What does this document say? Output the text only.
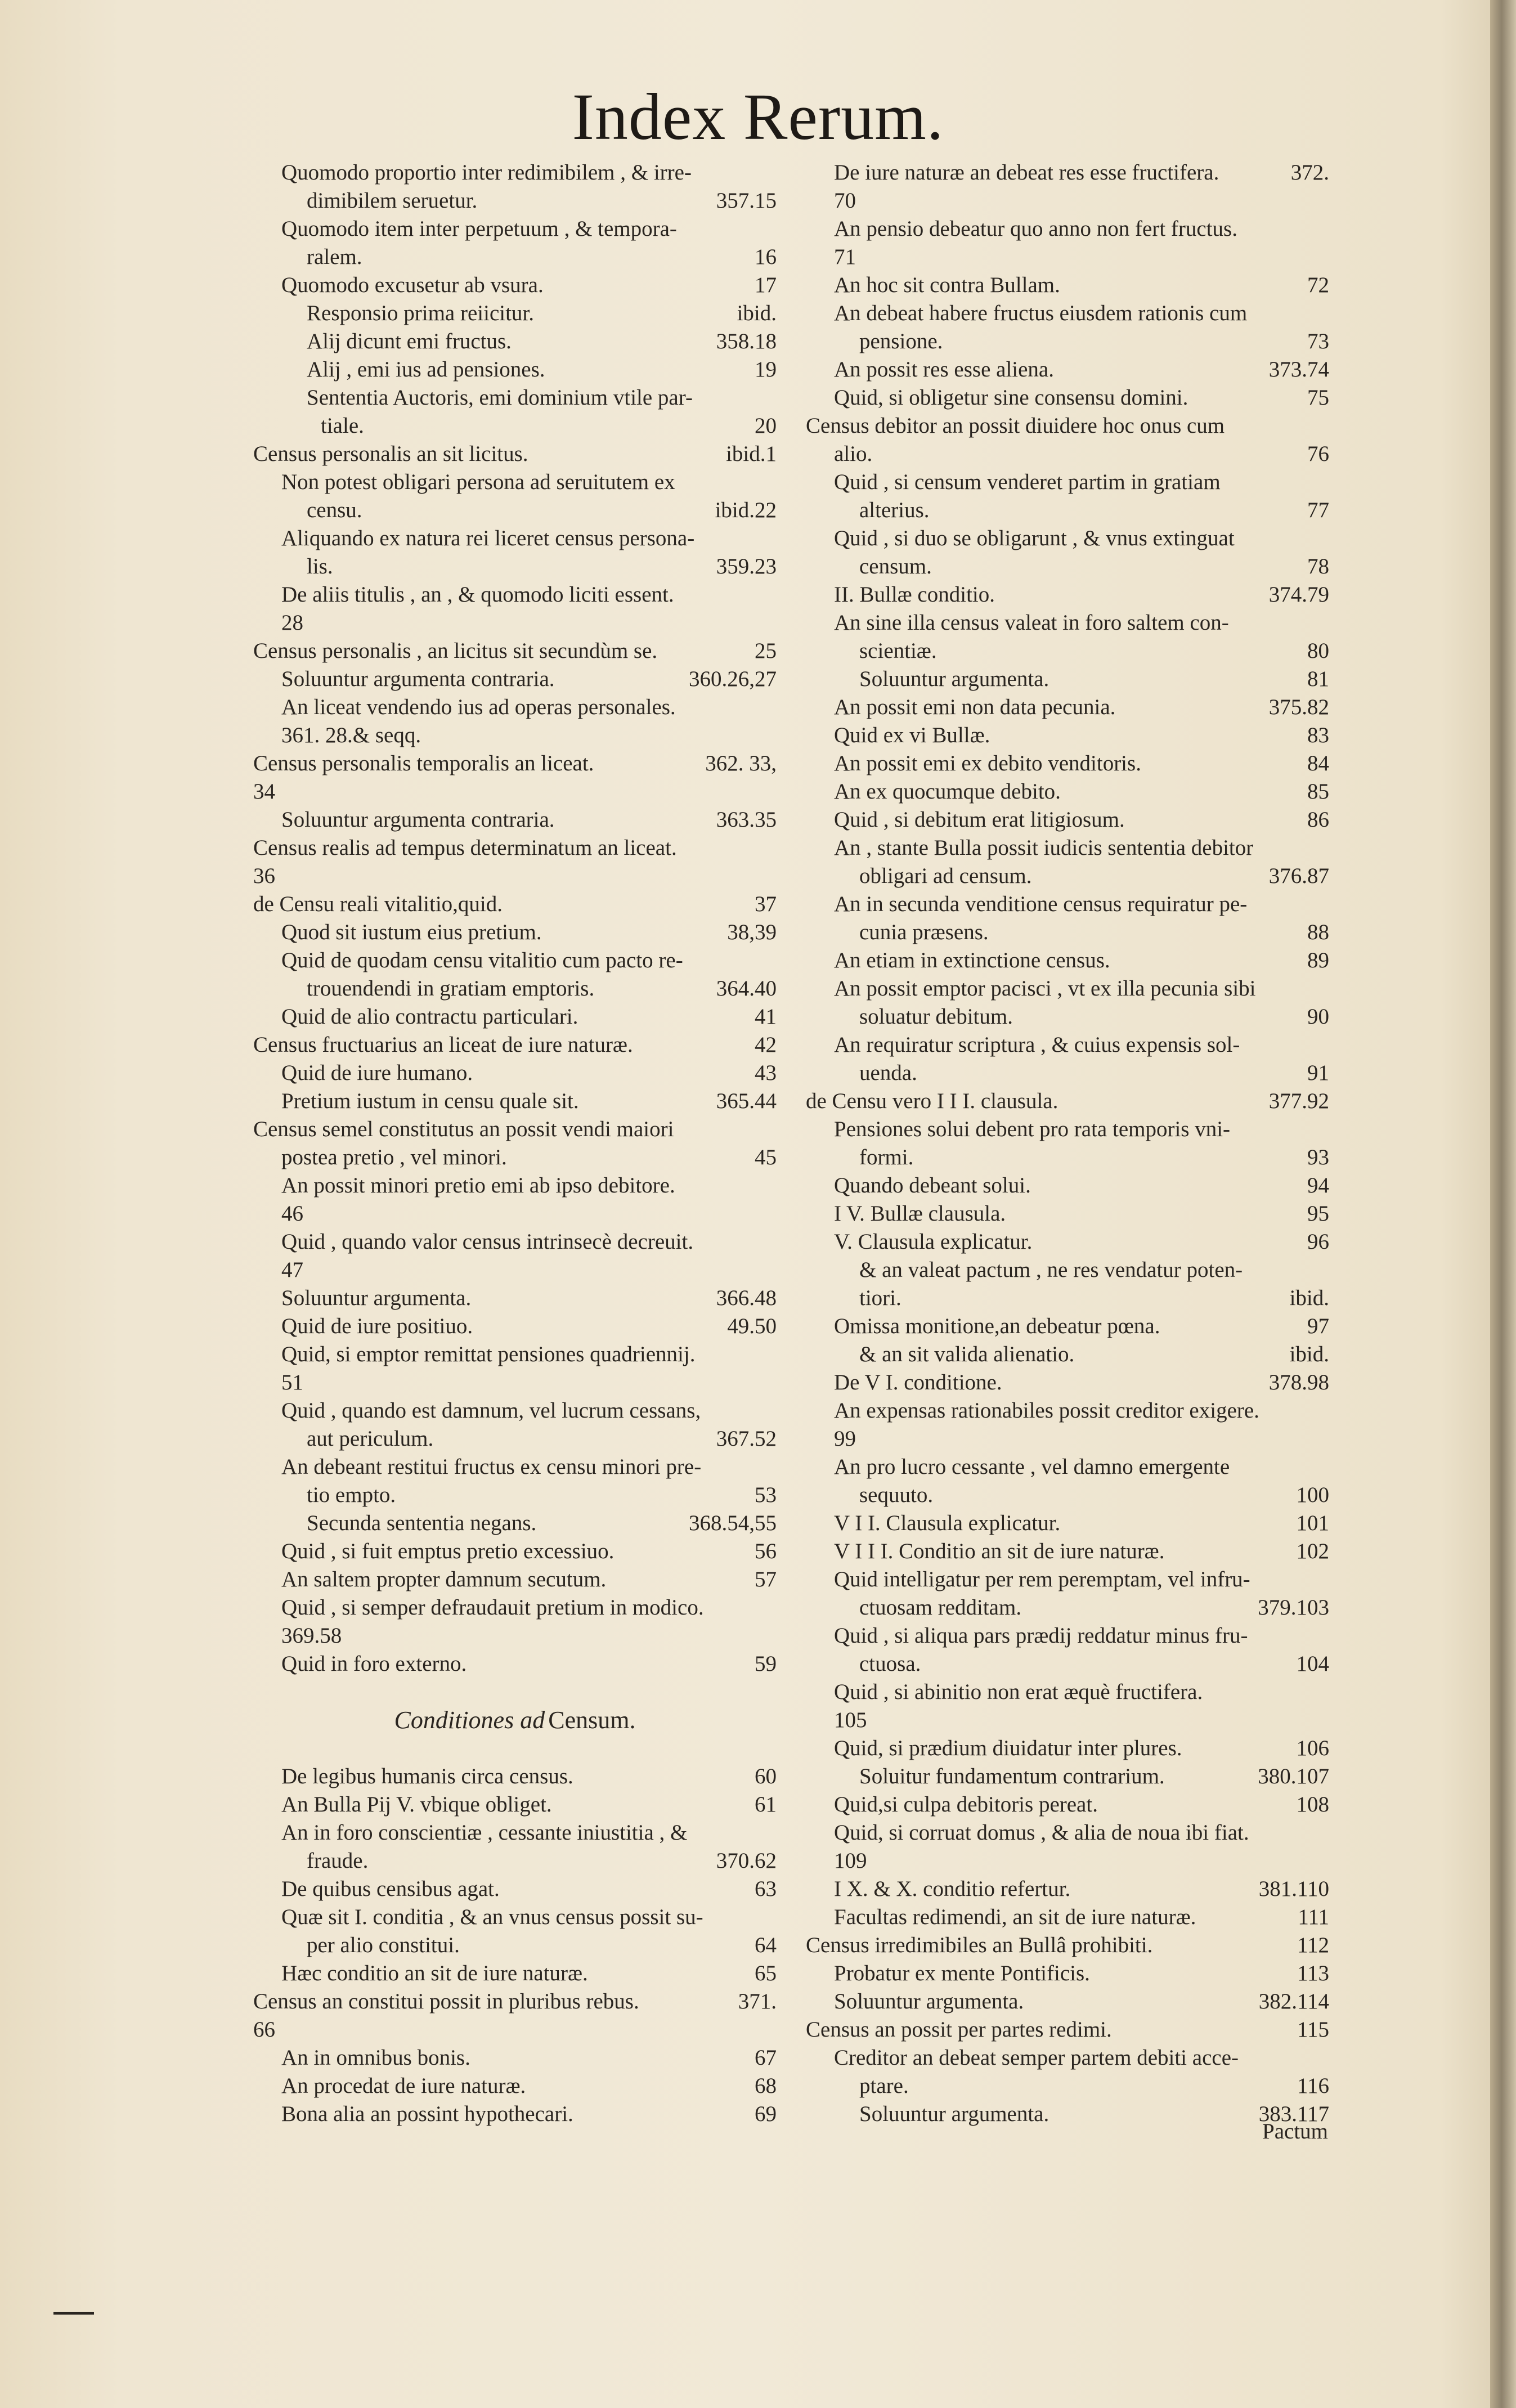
Index Rerum.
Quomodo proportio inter redimibilem , & irre-
dimibilem seruetur.	357.15
Quomodo item inter perpetuum , & tempora-
ralem.	16
Quomodo excusetur ab vsura.	17
Responsio prima reiicitur.	ibid.
Alij dicunt emi fructus.	358.18
Alij , emi ius ad pensiones.	19
Sententia Auctoris, emi dominium vtile par-
tiale.	20
Census personalis an sit licitus.	ibid.1
Non potest obligari persona ad seruitutem ex
censu.	ibid.22
Aliquando ex natura rei liceret census persona-
lis.	359.23
De aliis titulis , an , & quomodo liciti essent.
28
Census personalis , an licitus sit secundùm se.	25
Soluuntur argumenta contraria.	360.26,27
An liceat vendendo ius ad operas personales.
361. 28.& seqq.
Census personalis temporalis an liceat.	362. 33,
34
Soluuntur argumenta contraria.	363.35
Census realis ad tempus determinatum an liceat.
36
de Censu reali vitalitio,quid.	37
Quod sit iustum eius pretium.	38,39
Quid de quodam censu vitalitio cum pacto re-
trouendendi in gratiam emptoris.	364.40
Quid de alio contractu particulari.	41
Census fructuarius an liceat de iure naturæ.	42
Quid de iure humano.	43
Pretium iustum in censu quale sit.	365.44
Census semel constitutus an possit vendi maiori
postea pretio , vel minori.	45
An possit minori pretio emi ab ipso debitore.
46
Quid , quando valor census intrinsecè decreuit.
47
Soluuntur argumenta.	366.48
Quid de iure positiuo.	49.50
Quid, si emptor remittat pensiones quadriennij.
51
Quid , quando est damnum, vel lucrum cessans,
aut periculum.	367.52
An debeant restitui fructus ex censu minori pre-
tio empto.	53
Secunda sententia negans.	368.54,55
Quid , si fuit emptus pretio excessiuo.	56
An saltem propter damnum secutum.	57
Quid , si semper defraudauit pretium in modico.
369.58
Quid in foro externo.	59
Conditiones ad Censum.
De legibus humanis circa census.	60
An Bulla Pij V. vbique obliget.	61
An in foro conscientiæ , cessante iniustitia , &
fraude.	370.62
De quibus censibus agat.	63
Quæ sit I. conditia , & an vnus census possit su-
per alio constitui.	64
Hæc conditio an sit de iure naturæ.	65
Census an constitui possit in pluribus rebus.	371.
66
An in omnibus bonis.	67
An procedat de iure naturæ.	68
Bona alia an possint hypothecari.	69
De iure naturæ an debeat res esse fructifera.	372.
70
An pensio debeatur quo anno non fert fructus.
71
An hoc sit contra Bullam.	72
An debeat habere fructus eiusdem rationis cum
pensione.	73
An possit res esse aliena.	373.74
Quid, si obligetur sine consensu domini.	75
Census debitor an possit diuidere hoc onus cum
alio.	76
Quid , si censum venderet partim in gratiam
alterius.	77
Quid , si duo se obligarunt , & vnus extinguat
censum.	78
II. Bullæ conditio.	374.79
An sine illa census valeat in foro saltem con-
scientiæ.	80
Soluuntur argumenta.	81
An possit emi non data pecunia.	375.82
Quid ex vi Bullæ.	83
An possit emi ex debito venditoris.	84
An ex quocumque debito.	85
Quid , si debitum erat litigiosum.	86
An , stante Bulla possit iudicis sententia debitor
obligari ad censum.	376.87
An in secunda venditione census requiratur pe-
cunia præsens.	88
An etiam in extinctione census.	89
An possit emptor pacisci , vt ex illa pecunia sibi
soluatur debitum.	90
An requiratur scriptura , & cuius expensis sol-
uenda.	91
de Censu vero I I I. clausula.	377.92
Pensiones solui debent pro rata temporis vni-
formi.	93
Quando debeant solui.	94
I V. Bullæ clausula.	95
V. Clausula explicatur.	96
& an valeat pactum , ne res vendatur poten-
tiori.	ibid.
Omissa monitione,an debeatur pœna.	97
& an sit valida alienatio.	ibid.
De V I. conditione.	378.98
An expensas rationabiles possit creditor exigere.
99
An pro lucro cessante , vel damno emergente
sequuto.	100
V I I. Clausula explicatur.	101
V I I I. Conditio an sit de iure naturæ.	102
Quid intelligatur per rem peremptam, vel infru-
ctuosam redditam.	379.103
Quid , si aliqua pars prædij reddatur minus fru-
ctuosa.	104
Quid , si abinitio non erat æquè fructifera.
105
Quid, si prædium diuidatur inter plures.	106
Soluitur fundamentum contrarium.	380.107
Quid,si culpa debitoris pereat.	108
Quid, si corruat domus , & alia de noua ibi fiat.
109
I X. & X. conditio refertur.	381.110
Facultas redimendi, an sit de iure naturæ.	111
Census irredimibiles an Bullâ prohibiti.	112
Probatur ex mente Pontificis.	113
Soluuntur argumenta.	382.114
Census an possit per partes redimi.	115
Creditor an debeat semper partem debiti acce-
ptare.	116
Soluuntur argumenta.	383.117
Pactum
